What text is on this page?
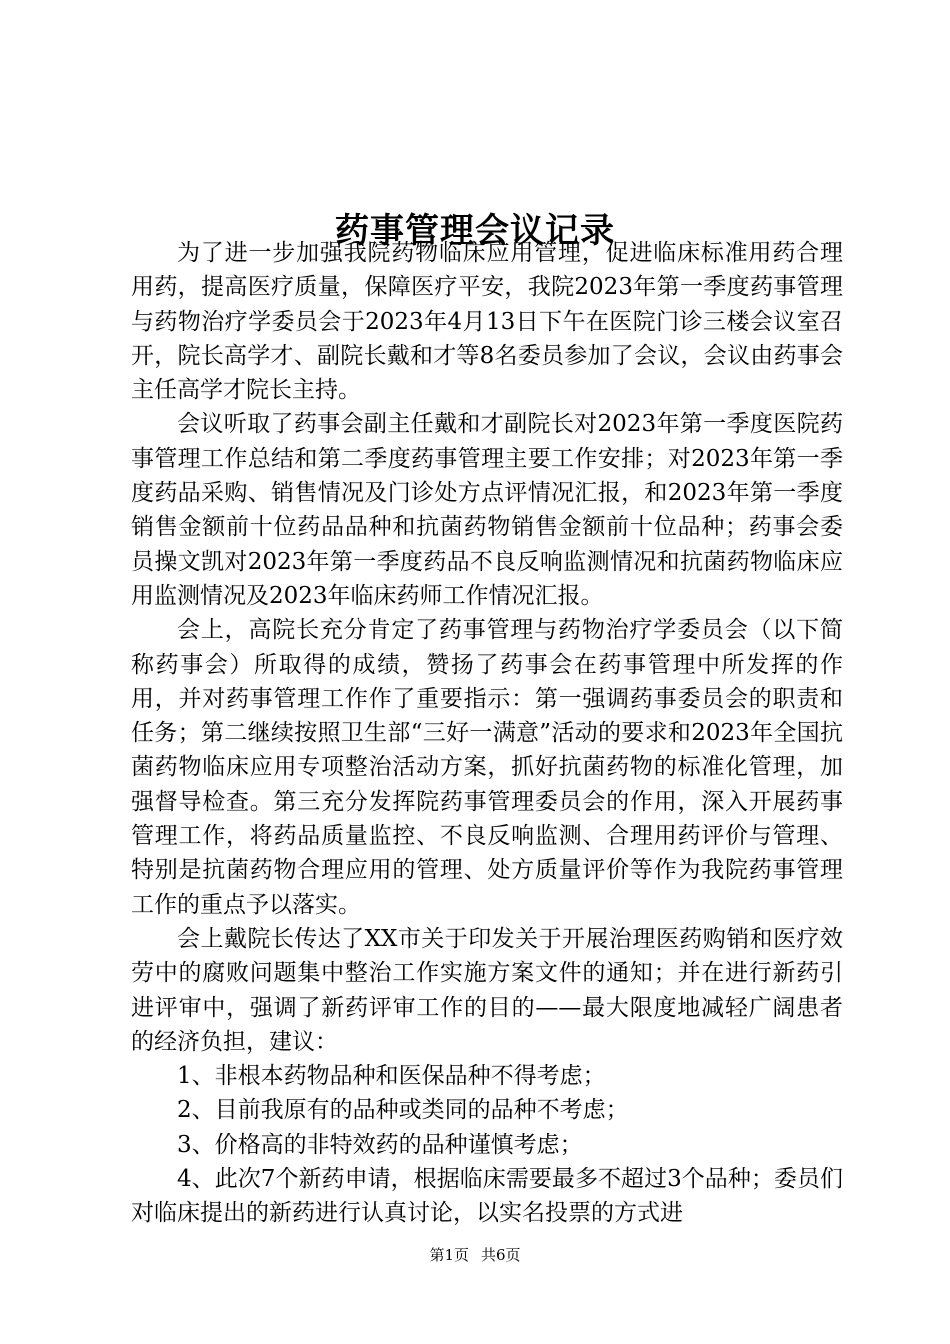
药事管理会议记录

为了进一步加强我院药物临床应用管理，促进临床标准用药合理用药，提高医疗质量，保障医疗平安，我院2023年第一季度药事管理与药物治疗学委员会于2023年4月13日下午在医院门诊三楼会议室召开，院长高学才、副院长戴和才等8名委员参加了会议，会议由药事会主任高学才院长主持。

会议听取了药事会副主任戴和才副院长对2023年第一季度医院药事管理工作总结和第二季度药事管理主要工作安排；对2023年第一季度药品采购、销售情况及门诊处方点评情况汇报，和2023年第一季度销售金额前十位药品品种和抗菌药物销售金额前十位品种；药事会委员操文凯对2023年第一季度药品不良反响监测情况和抗菌药物临床应用监测情况及2023年临床药师工作情况汇报。

会上，高院长充分肯定了药事管理与药物治疗学委员会（以下简称药事会）所取得的成绩，赞扬了药事会在药事管理中所发挥的作用，并对药事管理工作作了重要指示：第一强调药事委员会的职责和任务；第二继续按照卫生部“三好一满意”活动的要求和2023年全国抗菌药物临床应用专项整治活动方案，抓好抗菌药物的标准化管理，加强督导检查。第三充分发挥院药事管理委员会的作用，深入开展药事管理工作，将药品质量监控、不良反响监测、合理用药评价与管理、特别是抗菌药物合理应用的管理、处方质量评价等作为我院药事管理工作的重点予以落实。

会上戴院长传达了XX市关于印发关于开展治理医药购销和医疗效劳中的腐败问题集中整治工作实施方案文件的通知；并在进行新药引进评审中，强调了新药评审工作的目的——最大限度地减轻广阔患者的经济负担，建议：

1、非根本药物品种和医保品种不得考虑；

2、目前我原有的品种或类同的品种不考虑；

3、价格高的非特效药的品种谨慎考虑；

4、此次7个新药申请，根据临床需要最多不超过3个品种；委员们对临床提出的新药进行认真讨论，以实名投票的方式进

第1页 共6页
